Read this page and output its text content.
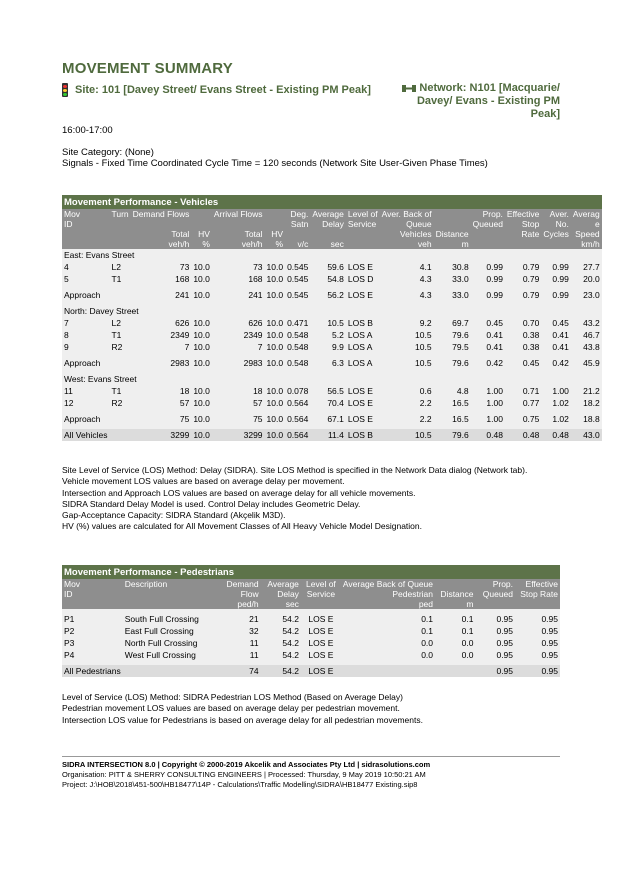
MOVEMENT SUMMARY
Site: 101 [Davey Street/ Evans Street - Existing PM Peak]	Network: N101 [Macquarie/
Davey/ Evans - Existing PM
Peak]
16:00-17:00
Site Category: (None)
Signals - Fixed Time Coordinated Cycle Time = 120 seconds (Network Site User-Given Phase Times)
Movement Performance - Vehicles														
Mov	Turn	Demand Flows		Arrival Flows		Deg.	Average	Level of	Aver. Back of		Prop.	Effective	Aver.	Averag
ID						Satn	Delay	Service	Queue		Queued	Stop	No.	e
		Total	HV	Total	HV				Vehicles	Distance		Rate	Cycles	Speed
		veh/h	%	veh/h	%	v/c	sec		veh	m				km/h
East: Evans Street														
4	L2	73	10.0	73	10.0	0.545	59.6	LOS E	4.1	30.8	0.99	0.79	0.99	27.7
5	T1	168	10.0	168	10.0	0.545	54.8	LOS D	4.3	33.0	0.99	0.79	0.99	20.0

Approach		241	10.0	241	10.0	0.545	56.2	LOS E	4.3	33.0	0.99	0.79	0.99	23.0

North: Davey Street														
7	L2	626	10.0	626	10.0	0.471	10.5	LOS B	9.2	69.7	0.45	0.70	0.45	43.2
8	T1	2349	10.0	2349	10.0	0.548	5.2	LOS A	10.5	79.6	0.41	0.38	0.41	46.7
9	R2	7	10.0	7	10.0	0.548	9.9	LOS A	10.5	79.5	0.41	0.38	0.41	43.8

Approach		2983	10.0	2983	10.0	0.548	6.3	LOS A	10.5	79.6	0.42	0.45	0.42	45.9

West: Evans Street														
11	T1	18	10.0	18	10.0	0.078	56.5	LOS E	0.6	4.8	1.00	0.71	1.00	21.2
12	R2	57	10.0	57	10.0	0.564	70.4	LOS E	2.2	16.5	1.00	0.77	1.02	18.2

Approach		75	10.0	75	10.0	0.564	67.1	LOS E	2.2	16.5	1.00	0.75	1.02	18.8

All Vehicles		3299	10.0	3299	10.0	0.564	11.4	LOS B	10.5	79.6	0.48	0.48	0.48	43.0
Site Level of Service (LOS) Method: Delay (SIDRA). Site LOS Method is specified in the Network Data dialog (Network tab).
Vehicle movement LOS values are based on average delay per movement.
Intersection and Approach LOS values are based on average delay for all vehicle movements.
SIDRA Standard Delay Model is used. Control Delay includes Geometric Delay.
Gap-Acceptance Capacity: SIDRA Standard (Akçelik M3D).
HV (%) values are calculated for All Movement Classes of All Heavy Vehicle Model Designation.
Movement Performance - Pedestrians								
Mov	Description	Demand	Average	Level of	Average Back of Queue		Prop.	Effective
ID		Flow	Delay	Service	Pedestrian	Distance	Queued	Stop Rate
		ped/h	sec		ped	m		

P1	South Full Crossing	21	54.2	LOS E	0.1	0.1	0.95	0.95
P2	East Full Crossing	32	54.2	LOS E	0.1	0.1	0.95	0.95
P3	North Full Crossing	11	54.2	LOS E	0.0	0.0	0.95	0.95
P4	West Full Crossing	11	54.2	LOS E	0.0	0.0	0.95	0.95

All Pedestrians		74	54.2	LOS E			0.95	0.95
Level of Service (LOS) Method: SIDRA Pedestrian LOS Method (Based on Average Delay)
Pedestrian movement LOS values are based on average delay per pedestrian movement.
Intersection LOS value for Pedestrians is based on average delay for all pedestrian movements.
SIDRA INTERSECTION 8.0 | Copyright © 2000-2019 Akcelik and Associates Pty Ltd | sidrasolutions.com
Organisation: PITT & SHERRY CONSULTING ENGINEERS | Processed: Thursday, 9 May 2019 10:50:21 AM
Project: J:\HOB\2018\451-500\HB18477\14P - Calculations\Traffic Modelling\SIDRA\HB18477 Existing.sip8
